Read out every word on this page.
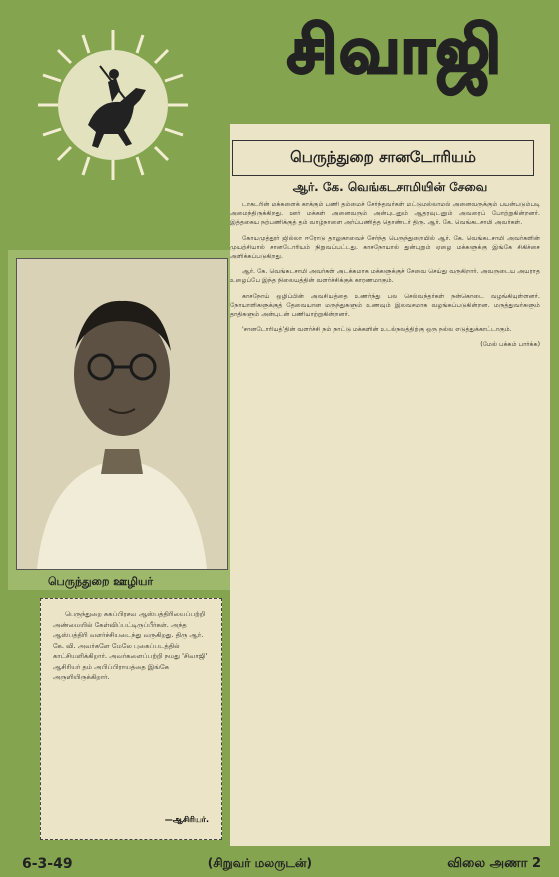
சிவாஜி
பெருந்துறை சானடோரியம்
ஆர். கே. வெங்கடசாமியின் சேவை

டாகடரின் மக்களைக் காக்கும் பணி தம்மைச் சேர்ந்தவர்கள் மட்டுமல்லாமல் அனைவருக்கும் பயன்படும்படி அமைந்திருக்கிறது. ஊர் மக்கள் அனைவரும் அன்புடனும் ஆதரவுடனும் அவரைப் போற்றுகின்றனர். இத்தகைய நற்பணிக்குத் தம் வாழ்நாளை அர்ப்பணித்த தொண்டர் திரு. ஆர். கே. வெங்கடசாமி அவர்கள்.

கோயமுத்தூர் ஜில்லா ஈரோடு தாலுகாவைச் சேர்ந்த பெருந்துறையில் ஆர். கே. வெங்கடசாமி அவர்களின் முயற்சியால் சானடோரியம் நிறுவப்பட்டது. காசநோயால் துன்புறும் ஏழை மக்களுக்கு இங்கே சிகிச்சை அளிக்கப்படுகிறது.

ஆர். கே. வெங்கடசாமி அவர்கள் அடக்கமாக மக்களுக்குச் சேவை செய்து வருகிறார். அவருடைய அயராத உழைப்பே இந்த நிலையத்தின் வளர்ச்சிக்குக் காரணமாகும்.

காசநோய் ஒழிப்பின் அவசியத்தை உணர்ந்து பல செல்வந்தர்கள் நன்கொடை வழங்கியுள்ளனர். நோயாளிகளுக்குத் தேவையான மருந்துகளும் உணவும் இலவசமாக வழங்கப்படுகின்றன. மருத்துவர்களும் தாதிகளும் அன்புடன் பணியாற்றுகின்றனர்.

'சானடோரியத்'தின் வளர்ச்சி நம் நாட்டு மக்களின் உடல்நலத்திற்கு ஒரு நல்ல எடுத்துக்காட்டாகும்.

(மேல் பக்கம் பார்க்க)

பெருந்துறை ஊழியர்
பெருந்துறை சுகப்பிரசவ ஆஸ்பத்திரியைப்பற்றி அண்மையில் கேள்விப்பட்டிருப்பீர்கள். அந்த ஆஸ்பத்திரி வளர்ச்சியடைந்து வருகிறது. திரு ஆர். கே. வி. அவர்களே மேலே புகைப்படத்தில் காட்சியளிக்கிறார். அவர்களைப்பற்றி நமது 'சிவாஜி' ஆசிரியர் தம் அபிப்பிராயத்தை இங்கே அருளியிருக்கிறார்.
—ஆசிரியர்.
6-3-49	(சிறுவர் மலருடன்)	விலை அணா 2
